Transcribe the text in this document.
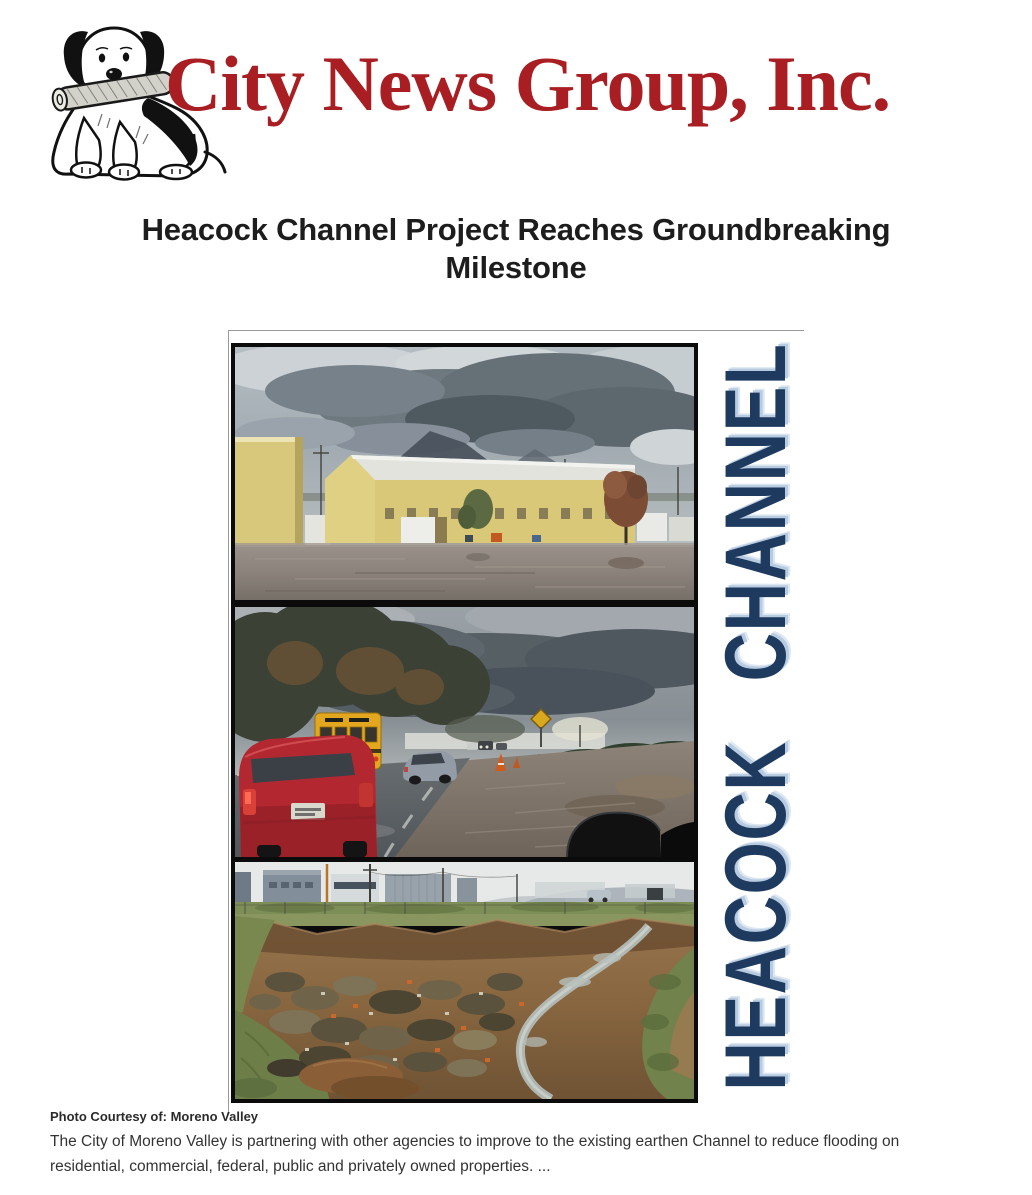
City News Group, Inc.
Heacock Channel Project Reaches Groundbreaking
Milestone
HEACOCK CHANNEL
Photo Courtesy of: Moreno Valley
The City of Moreno Valley is partnering with other agencies to improve to the existing earthen Channel to reduce flooding on
residential, commercial, federal, public and privately owned properties. ...
